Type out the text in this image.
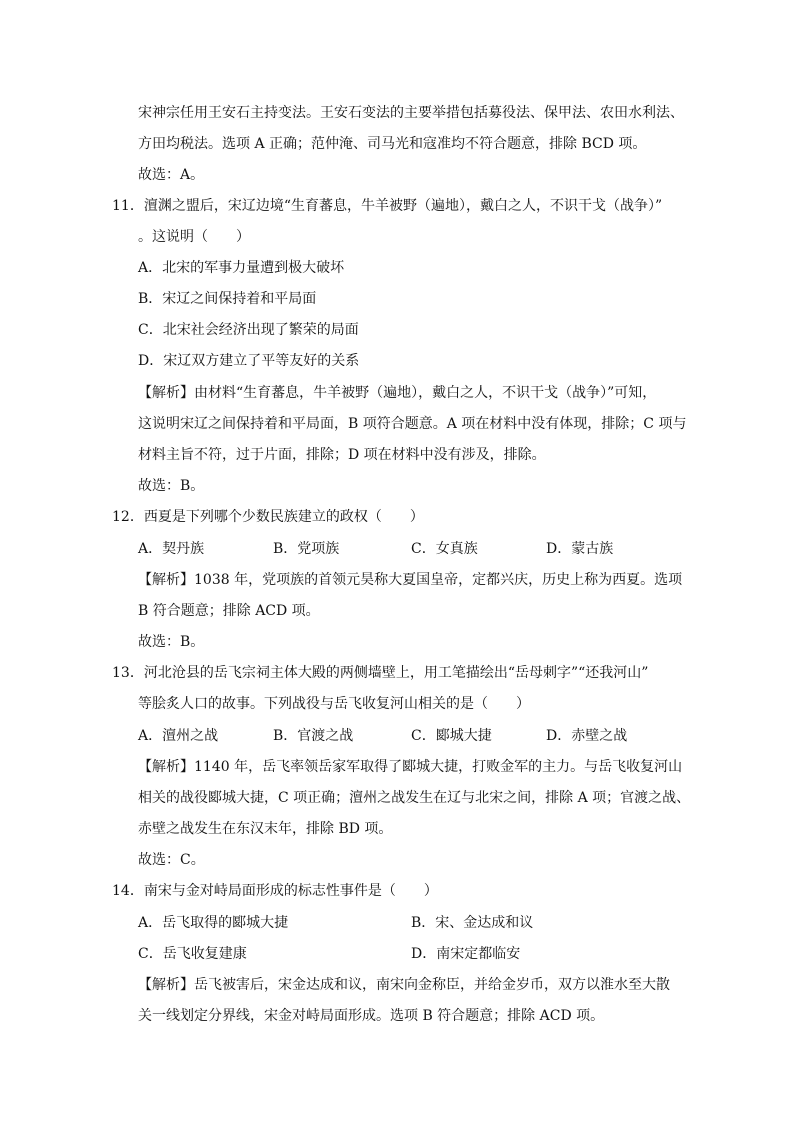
宋神宗任用王安石主持变法。王安石变法的主要举措包括募役法、保甲法、农田水利法、
方田均税法。选项 A 正确；范仲淹、司马光和寇准均不符合题意，排除 BCD 项。
故选：A。
11．澶渊之盟后，宋辽边境“生育蕃息，牛羊被野（遍地），戴白之人，不识干戈（战争）”
。这说明（　　）
A．北宋的军事力量遭到极大破坏
B．宋辽之间保持着和平局面
C．北宋社会经济出现了繁荣的局面
D．宋辽双方建立了平等友好的关系
【解析】由材料“生育蕃息，牛羊被野（遍地），戴白之人，不识干戈（战争）”可知，
这说明宋辽之间保持着和平局面，B 项符合题意。A 项在材料中没有体现，排除；C 项与
材料主旨不符，过于片面，排除；D 项在材料中没有涉及，排除。
故选：B。
12．西夏是下列哪个少数民族建立的政权（　　）
A．契丹族	B．党项族	C．女真族	D．蒙古族
【解析】1038 年，党项族的首领元昊称大夏国皇帝，定都兴庆，历史上称为西夏。选项
B 符合题意；排除 ACD 项。
故选：B。
13．河北沧县的岳飞宗祠主体大殿的两侧墙壁上，用工笔描绘出“岳母刺字”“还我河山”
等脍炙人口的故事。下列战役与岳飞收复河山相关的是（　　）
A．澶州之战	B．官渡之战	C．郾城大捷	D．赤壁之战
【解析】1140 年，岳飞率领岳家军取得了郾城大捷，打败金军的主力。与岳飞收复河山
相关的战役郾城大捷，C 项正确；澶州之战发生在辽与北宋之间，排除 A 项；官渡之战、
赤壁之战发生在东汉末年，排除 BD 项。
故选：C。
14．南宋与金对峙局面形成的标志性事件是（　　）
A．岳飞取得的郾城大捷	B．宋、金达成和议
C．岳飞收复建康	D．南宋定都临安
【解析】岳飞被害后，宋金达成和议，南宋向金称臣，并给金岁币，双方以淮水至大散
关一线划定分界线，宋金对峙局面形成。选项 B 符合题意；排除 ACD 项。
